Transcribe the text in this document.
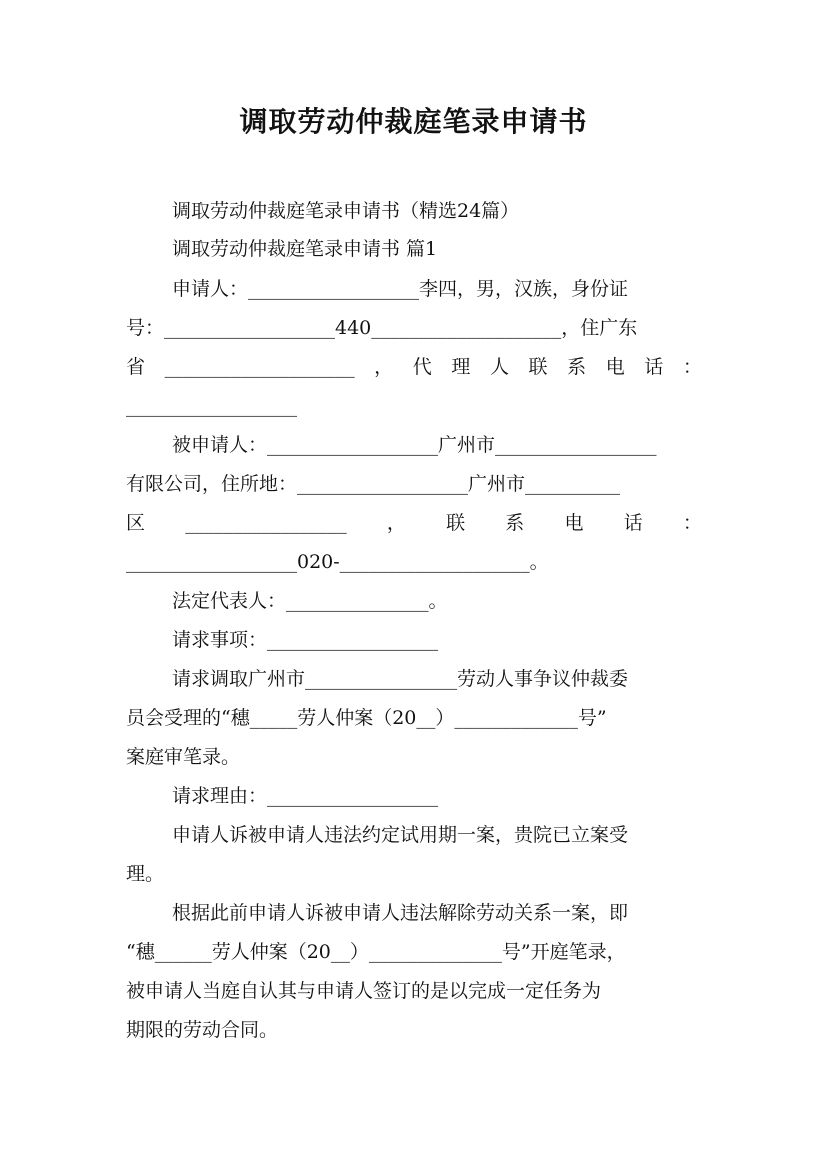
调取劳动仲裁庭笔录申请书
调取劳动仲裁庭笔录申请书（精选24篇）
调取劳动仲裁庭笔录申请书 篇1
申请人：__________________李四，男，汉族，身份证
号：__________________440____________________，住广东
省 ____________________ ， 代 理 人 联 系 电 话 ：
__________________
被申请人：__________________广州市_________________
有限公司，住所地：__________________广州市__________
区 _________________ ， 联 系 电 话 ：
__________________020-____________________。
法定代表人：_______________。
请求事项：__________________
请求调取广州市________________劳动人事争议仲裁委
员会受理的“穗_____劳人仲案（20__）_____________号”
案庭审笔录。
请求理由：__________________
申请人诉被申请人违法约定试用期一案，贵院已立案受
理。
根据此前申请人诉被申请人违法解除劳动关系一案，即
“穗______劳人仲案（20__）______________号”开庭笔录，
被申请人当庭自认其与申请人签订的是以完成一定任务为
期限的劳动合同。
